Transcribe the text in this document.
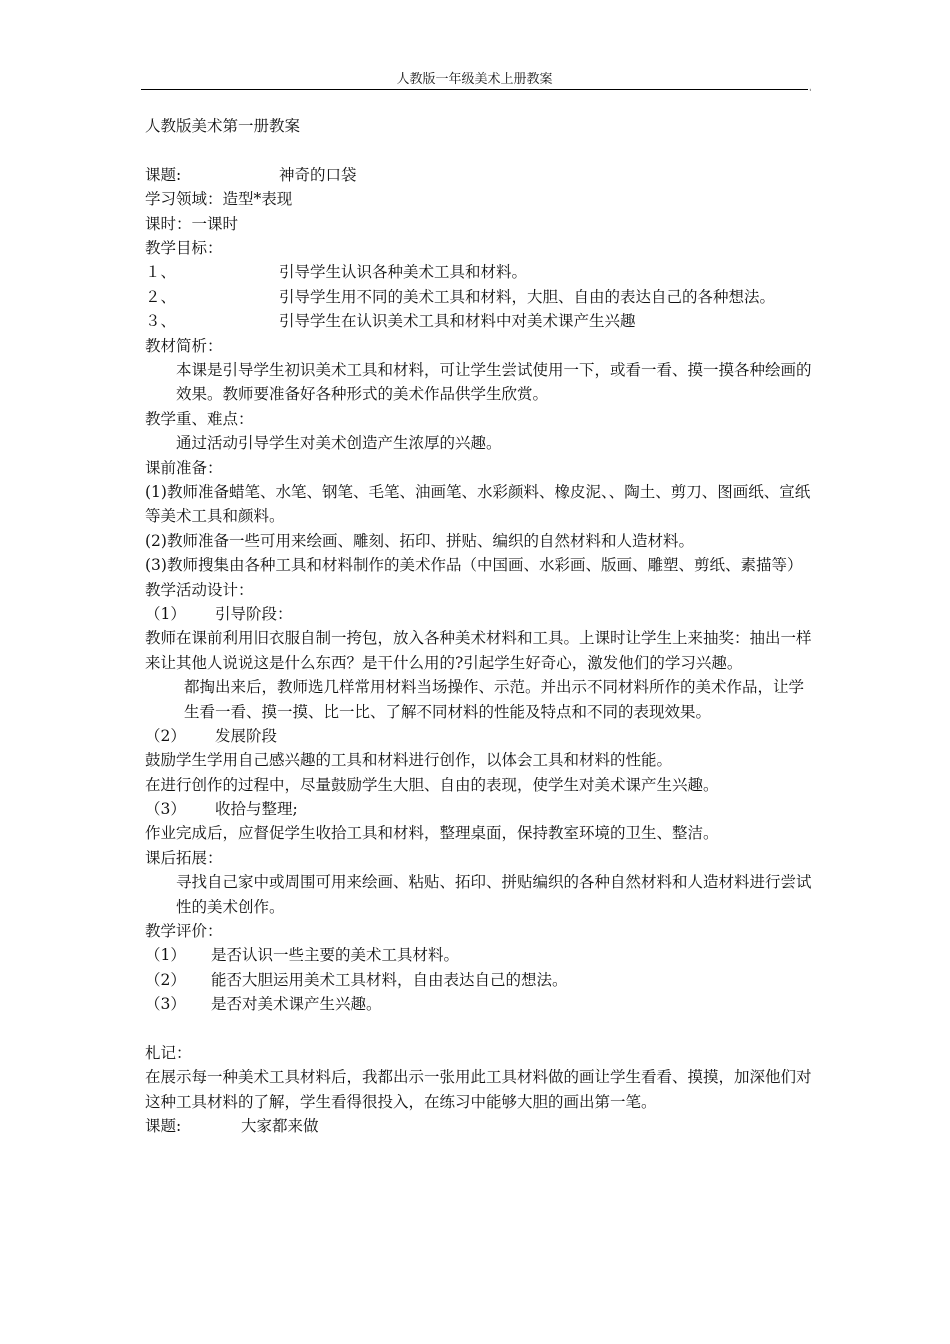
人教版一年级美术上册教案
ˌ
人教版美术第一册教案
课题:	神奇的口袋
学习领域：造型*表现
课时：一课时
教学目标：
１、	引导学生认识各种美术工具和材料。
２、	引导学生用不同的美术工具和材料，大胆、自由的表达自己的各种想法。
３、	引导学生在认识美术工具和材料中对美术课产生兴趣
教材简析：
本课是引导学生初识美术工具和材料，可让学生尝试使用一下，或看一看、摸一摸各种绘画的效果。教师要准备好各种形式的美术作品供学生欣赏。
教学重、难点：
通过活动引导学生对美术创造产生浓厚的兴趣。
课前准备：
(1)教师准备蜡笔、水笔、钢笔、毛笔、油画笔、水彩颜料、橡皮泥、、陶土、剪刀、图画纸、宣纸等美术工具和颜料。
(2)教师准备一些可用来绘画、雕刻、拓印、拼贴、编织的自然材料和人造材料。
(3)教师搜集由各种工具和材料制作的美术作品（中国画、水彩画、版画、雕塑、剪纸、素描等）
教学活动设计：
（1） 引导阶段：
教师在课前利用旧衣服自制一挎包，放入各种美术材料和工具。上课时让学生上来抽奖：抽出一样来让其他人说说这是什么东西？是干什么用的?引起学生好奇心，激发他们的学习兴趣。
都掏出来后，教师选几样常用材料当场操作、示范。并出示不同材料所作的美术作品，让学生看一看、摸一摸、比一比、了解不同材料的性能及特点和不同的表现效果。
（2） 发展阶段
鼓励学生学用自己感兴趣的工具和材料进行创作，以体会工具和材料的性能。
在进行创作的过程中，尽量鼓励学生大胆、自由的表现，使学生对美术课产生兴趣。
（3） 收拾与整理;
作业完成后，应督促学生收拾工具和材料，整理桌面，保持教室环境的卫生、整洁。
课后拓展：
寻找自己家中或周围可用来绘画、粘贴、拓印、拼贴编织的各种自然材料和人造材料进行尝试性的美术创作。
教学评价：
（1） 是否认识一些主要的美术工具材料。
（2） 能否大胆运用美术工具材料，自由表达自己的想法。
（3） 是否对美术课产生兴趣。
札记：
在展示每一种美术工具材料后，我都出示一张用此工具材料做的画让学生看看、摸摸，加深他们对这种工具材料的了解，学生看得很投入，在练习中能够大胆的画出第一笔。
课题:	大家都来做
